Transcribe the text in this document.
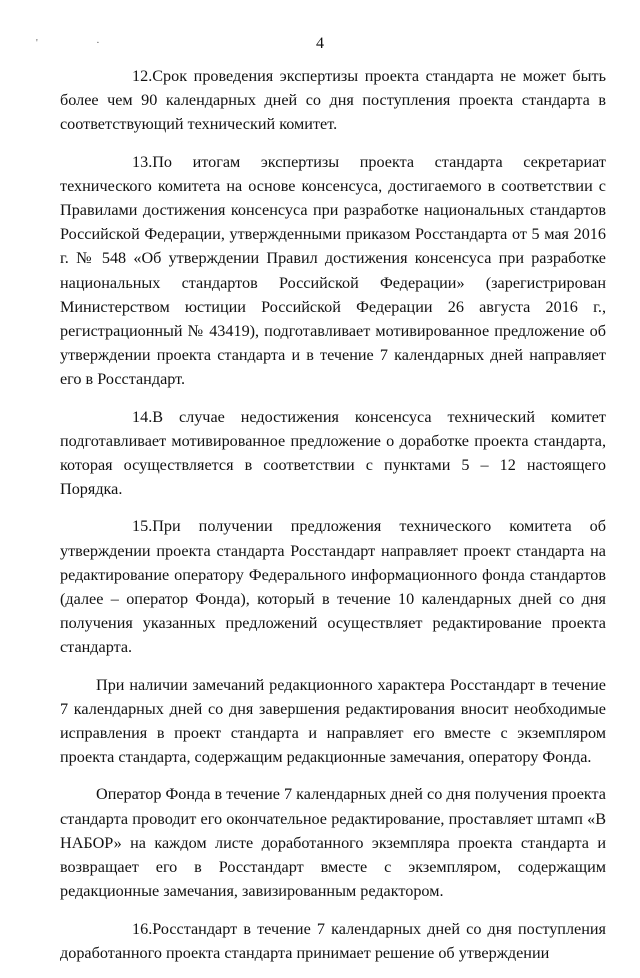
' ·	4

12.Срок проведения экспертизы проекта стандарта не может быть более чем 90 календарных дней со дня поступления проекта стандарта в соответствующий технический комитет.

13.По итогам экспертизы проекта стандарта секретариат технического комитета на основе консенсуса, достигаемого в соответствии с Правилами достижения консенсуса при разработке национальных стандартов Российской Федерации, утвержденными приказом Росстандарта от 5 мая 2016 г. № 548 «Об утверждении Правил достижения консенсуса при разработке национальных стандартов Российской Федерации» (зарегистрирован Министерством юстиции Российской Федерации 26 августа 2016 г., регистрационный № 43419), подготавливает мотивированное предложение об утверждении проекта стандарта и в течение 7 календарных дней направляет его в Росстандарт.

14.В случае недостижения консенсуса технический комитет подготавливает мотивированное предложение о доработке проекта стандарта, которая осуществляется в соответствии с пунктами 5 – 12 настоящего Порядка.

15.При получении предложения технического комитета об утверждении проекта стандарта Росстандарт направляет проект стандарта на редактирование оператору Федерального информационного фонда стандартов (далее – оператор Фонда), который в течение 10 календарных дней со дня получения указанных предложений осуществляет редактирование проекта стандарта.

При наличии замечаний редакционного характера Росстандарт в течение 7 календарных дней со дня завершения редактирования вносит необходимые исправления в проект стандарта и направляет его вместе с экземпляром проекта стандарта, содержащим редакционные замечания, оператору Фонда.

Оператор Фонда в течение 7 календарных дней со дня получения проекта стандарта проводит его окончательное редактирование, проставляет штамп «В НАБОР» на каждом листе доработанного экземпляра проекта стандарта и возвращает его в Росстандарт вместе с экземпляром, содержащим редакционные замечания, завизированным редактором.

16.Росстандарт в течение 7 календарных дней со дня поступления доработанного проекта стандарта принимает решение об утверждении
